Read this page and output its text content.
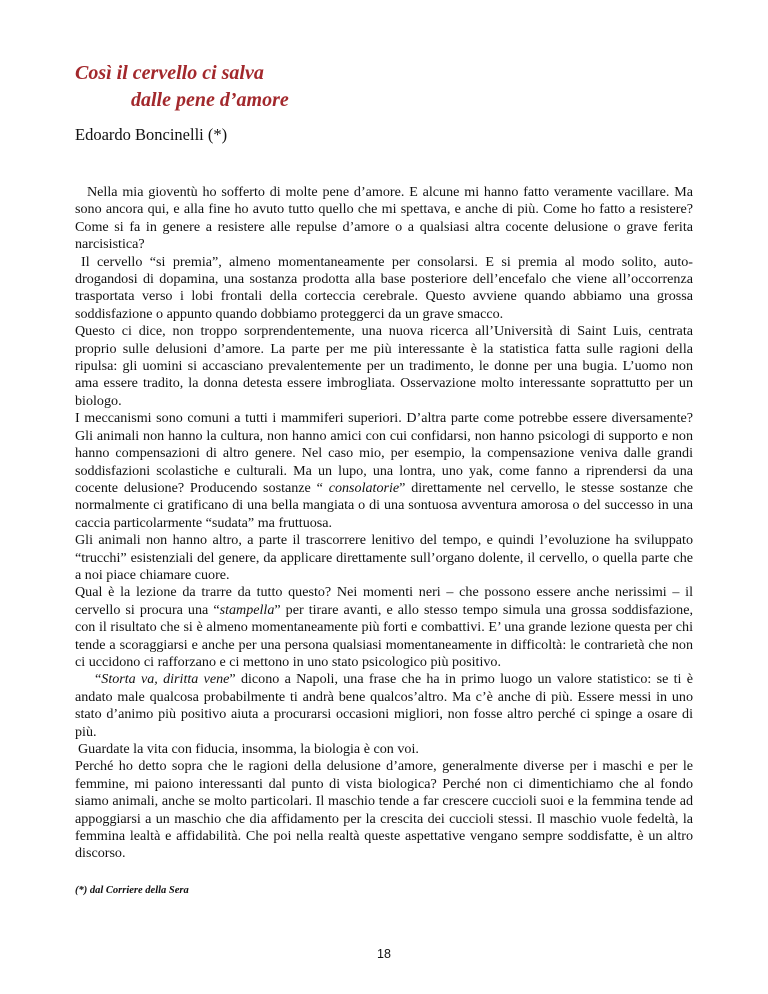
Così il cervello ci salva
dalle pene d’amore

Edoardo Boncinelli (*)

Nella mia gioventù ho sofferto di molte pene d’amore. E alcune mi hanno fatto veramente vacillare. Ma sono ancora qui, e alla fine ho avuto tutto quello che mi spettava, e anche di più. Come ho fatto a resistere? Come si fa in genere a resistere alle repulse d’amore o a qualsiasi altra cocente delusione o grave ferita narcisistica?

Il cervello “si premia”, almeno momentaneamente per consolarsi. E si premia al modo solito, auto-drogandosi di dopamina, una sostanza prodotta alla base posteriore dell’encefalo che viene all’occorrenza trasportata verso i lobi frontali della corteccia cerebrale. Questo avviene quando abbiamo una grossa soddisfazione o appunto quando dobbiamo proteggerci da un grave smacco.

Questo ci dice, non troppo sorprendentemente, una nuova ricerca all’Università di Saint Luis, centrata proprio sulle delusioni d’amore. La parte per me più interessante è la statistica fatta sulle ragioni della ripulsa: gli uomini si accasciano prevalentemente per un tradimento, le donne per una bugia. L’uomo non ama essere tradito, la donna detesta essere imbrogliata. Osservazione molto interessante soprattutto per un biologo.

I meccanismi sono comuni a tutti i mammiferi superiori. D’altra parte come potrebbe essere diversamente? Gli animali non hanno la cultura, non hanno amici con cui confidarsi, non hanno psicologi di supporto e non hanno compensazioni di altro genere. Nel caso mio, per esempio, la compensazione veniva dalle grandi soddisfazioni scolastiche e culturali. Ma un lupo, una lontra, uno yak, come fanno a riprendersi da una cocente delusione? Producendo sostanze “ consolatorie” direttamente nel cervello, le stesse sostanze che normalmente ci gratificano di una bella mangiata o di una sontuosa avventura amorosa o del successo in una caccia particolarmente “sudata” ma fruttuosa.

Gli animali non hanno altro, a parte il trascorrere lenitivo del tempo, e quindi l’evoluzione ha sviluppato “trucchi” esistenziali del genere, da applicare direttamente sull’organo dolente, il cervello, o quella parte che a noi piace chiamare cuore.

Qual è la lezione da trarre da tutto questo? Nei momenti neri – che possono essere anche nerissimi – il cervello si procura una “stampella” per tirare avanti, e allo stesso tempo simula una grossa soddisfazione, con il risultato che si è almeno momentaneamente più forti e combattivi. E’ una grande lezione questa per chi tende a scoraggiarsi e anche per una persona qualsiasi momentaneamente in difficoltà: le contrarietà che non ci uccidono ci rafforzano e ci mettono in uno stato psicologico più positivo.

“Storta va, diritta vene” dicono a Napoli, una frase che ha in primo luogo un valore statistico: se ti è andato male qualcosa probabilmente ti andrà bene qualcos’altro. Ma c’è anche di più. Essere messi in uno stato d’animo più positivo aiuta a procurarsi occasioni migliori, non fosse altro perché ci spinge a osare di più.

Guardate la vita con fiducia, insomma, la biologia è con voi.

Perché ho detto sopra che le ragioni della delusione d’amore, generalmente diverse per i maschi e per le femmine, mi paiono interessanti dal punto di vista biologica? Perché non ci dimentichiamo che al fondo siamo animali, anche se molto particolari. Il maschio tende a far crescere cuccioli suoi e la femmina tende ad appoggiarsi a un maschio che dia affidamento per la crescita dei cuccioli stessi. Il maschio vuole fedeltà, la femmina lealtà e affidabilità. Che poi nella realtà queste aspettative vengano sempre soddisfatte, è un altro discorso.

(*) dal Corriere della Sera

18
